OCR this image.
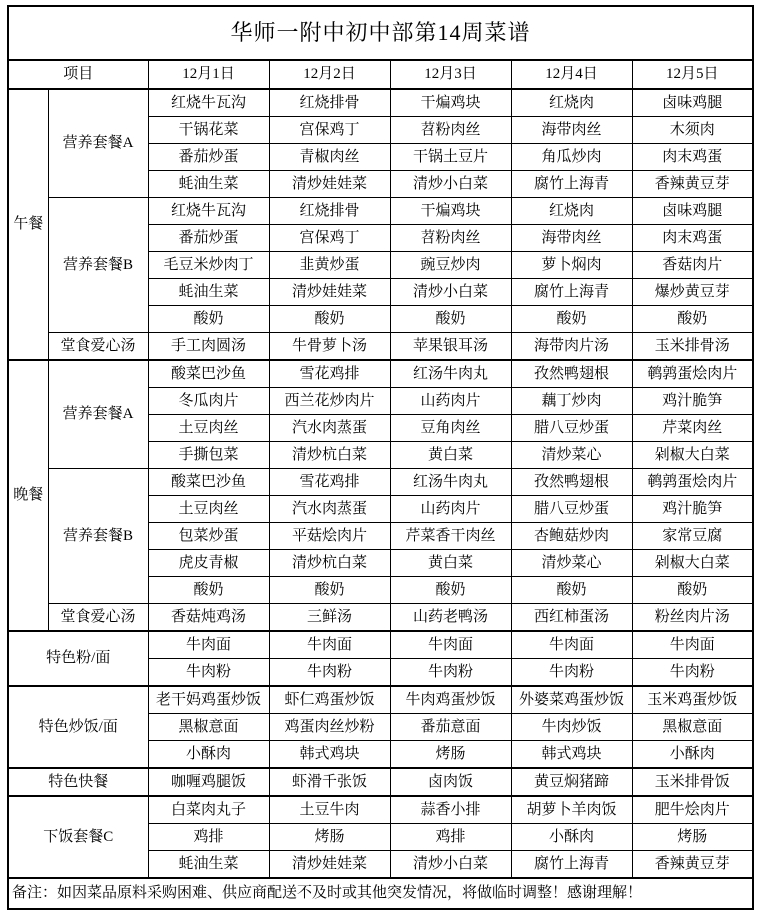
华师一附中初中部第14周菜谱						
项目		12月1日	12月2日	12月3日	12月4日	12月5日
午餐	营养套餐A	红烧牛瓦沟	红烧排骨	干煸鸡块	红烧肉	卤味鸡腿
		干锅花菜	宫保鸡丁	苕粉肉丝	海带肉丝	木须肉
		番茄炒蛋	青椒肉丝	干锅土豆片	角瓜炒肉	肉末鸡蛋
		蚝油生菜	清炒娃娃菜	清炒小白菜	腐竹上海青	香辣黄豆芽
	营养套餐B	红烧牛瓦沟	红烧排骨	干煸鸡块	红烧肉	卤味鸡腿
		番茄炒蛋	宫保鸡丁	苕粉肉丝	海带肉丝	肉末鸡蛋
		毛豆米炒肉丁	韭黄炒蛋	豌豆炒肉	萝卜焖肉	香菇肉片
		蚝油生菜	清炒娃娃菜	清炒小白菜	腐竹上海青	爆炒黄豆芽
		酸奶	酸奶	酸奶	酸奶	酸奶
	堂食爱心汤	手工肉圆汤	牛骨萝卜汤	苹果银耳汤	海带肉片汤	玉米排骨汤
晚餐	营养套餐A	酸菜巴沙鱼	雪花鸡排	红汤牛肉丸	孜然鸭翅根	鹌鹑蛋烩肉片
		冬瓜肉片	西兰花炒肉片	山药肉片	藕丁炒肉	鸡汁脆笋
		土豆肉丝	汽水肉蒸蛋	豆角肉丝	腊八豆炒蛋	芹菜肉丝
		手撕包菜	清炒杭白菜	黄白菜	清炒菜心	剁椒大白菜
	营养套餐B	酸菜巴沙鱼	雪花鸡排	红汤牛肉丸	孜然鸭翅根	鹌鹑蛋烩肉片
		土豆肉丝	汽水肉蒸蛋	山药肉片	腊八豆炒蛋	鸡汁脆笋
		包菜炒蛋	平菇烩肉片	芹菜香干肉丝	杏鲍菇炒肉	家常豆腐
		虎皮青椒	清炒杭白菜	黄白菜	清炒菜心	剁椒大白菜
		酸奶	酸奶	酸奶	酸奶	酸奶
	堂食爱心汤	香菇炖鸡汤	三鲜汤	山药老鸭汤	西红柿蛋汤	粉丝肉片汤
特色粉/面		牛肉面	牛肉面	牛肉面	牛肉面	牛肉面
		牛肉粉	牛肉粉	牛肉粉	牛肉粉	牛肉粉
特色炒饭/面		老干妈鸡蛋炒饭	虾仁鸡蛋炒饭	牛肉鸡蛋炒饭	外婆菜鸡蛋炒饭	玉米鸡蛋炒饭
		黑椒意面	鸡蛋肉丝炒粉	番茄意面	牛肉炒饭	黑椒意面
		小酥肉	韩式鸡块	烤肠	韩式鸡块	小酥肉
特色快餐		咖喱鸡腿饭	虾滑千张饭	卤肉饭	黄豆焖猪蹄	玉米排骨饭
下饭套餐C		白菜肉丸子	土豆牛肉	蒜香小排	胡萝卜羊肉饭	肥牛烩肉片
		鸡排	烤肠	鸡排	小酥肉	烤肠
		蚝油生菜	清炒娃娃菜	清炒小白菜	腐竹上海青	香辣黄豆芽
备注：如因菜品原料采购困难、供应商配送不及时或其他突发情况，将做临时调整！感谢理解！						
